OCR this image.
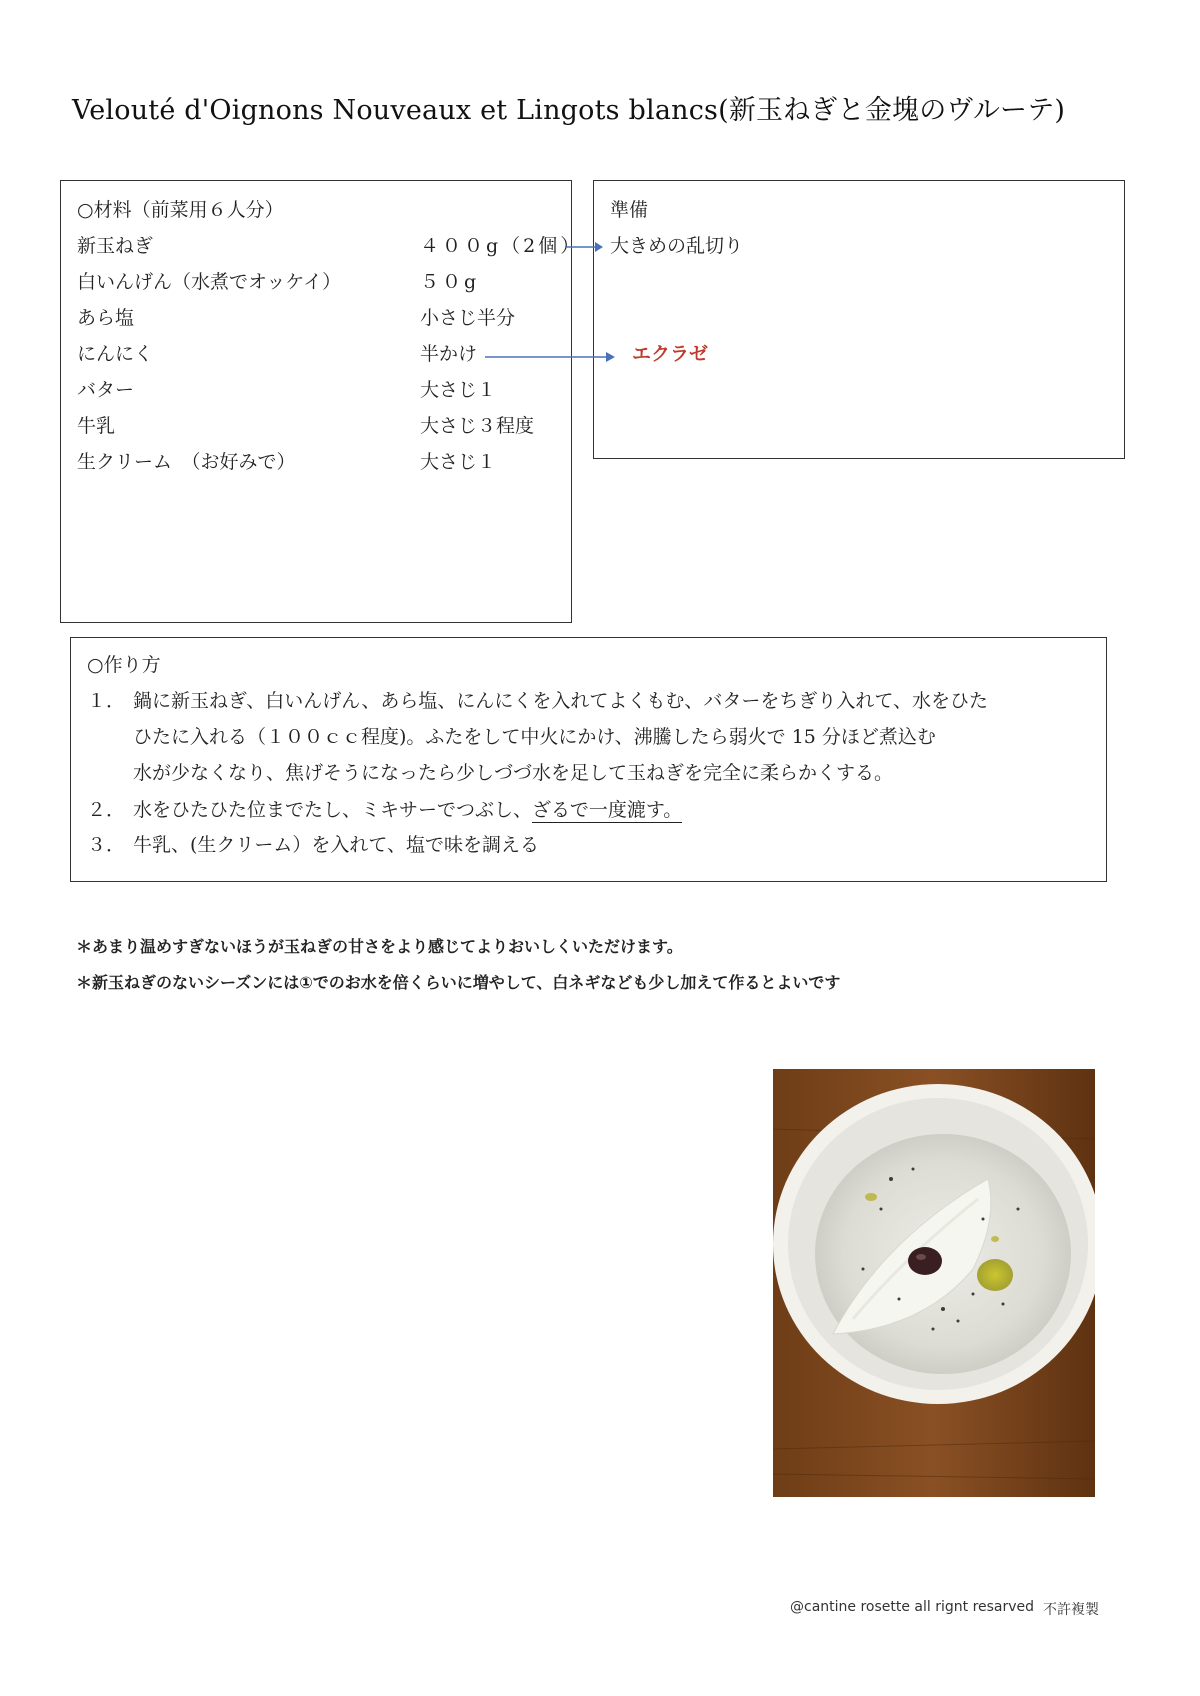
Velouté d'Oignons Nouveaux et Lingots blancs(新玉ねぎと金塊のヴルーテ)
○材料（前菜用６人分）
新玉ねぎ	４００g（2個）
白いんげん（水煮でオッケイ）	５０g
あら塩	小さじ半分
にんにく	半かけ
バター	大さじ１
牛乳	大さじ３程度
生クリーム　（お好みで）	大さじ１
準備
大きめの乱切り
エクラゼ
○作り方
１． 鍋に新玉ねぎ、白いんげん、あら塩、にんにくを入れてよくもむ、バターをちぎり入れて、水をひた
ひたに入れる（１００ｃｃ程度)。ふたをして中火にかけ、沸騰したら弱火で 15 分ほど煮込む
水が少なくなり、焦げそうになったら少しづづ水を足して玉ねぎを完全に柔らかくする。
２． 水をひたひた位までたし、ミキサーでつぶし、ざるで一度漉す。
３． 牛乳、(生クリーム）を入れて、塩で味を調える
＊あまり温めすぎないほうが玉ねぎの甘さをより感じてよりおいしくいただけます。
＊新玉ねぎのないシーズンには①でのお水を倍くらいに増やして、白ネギなども少し加えて作るとよいです
@cantine rosette all rignt resarved 不許複製
